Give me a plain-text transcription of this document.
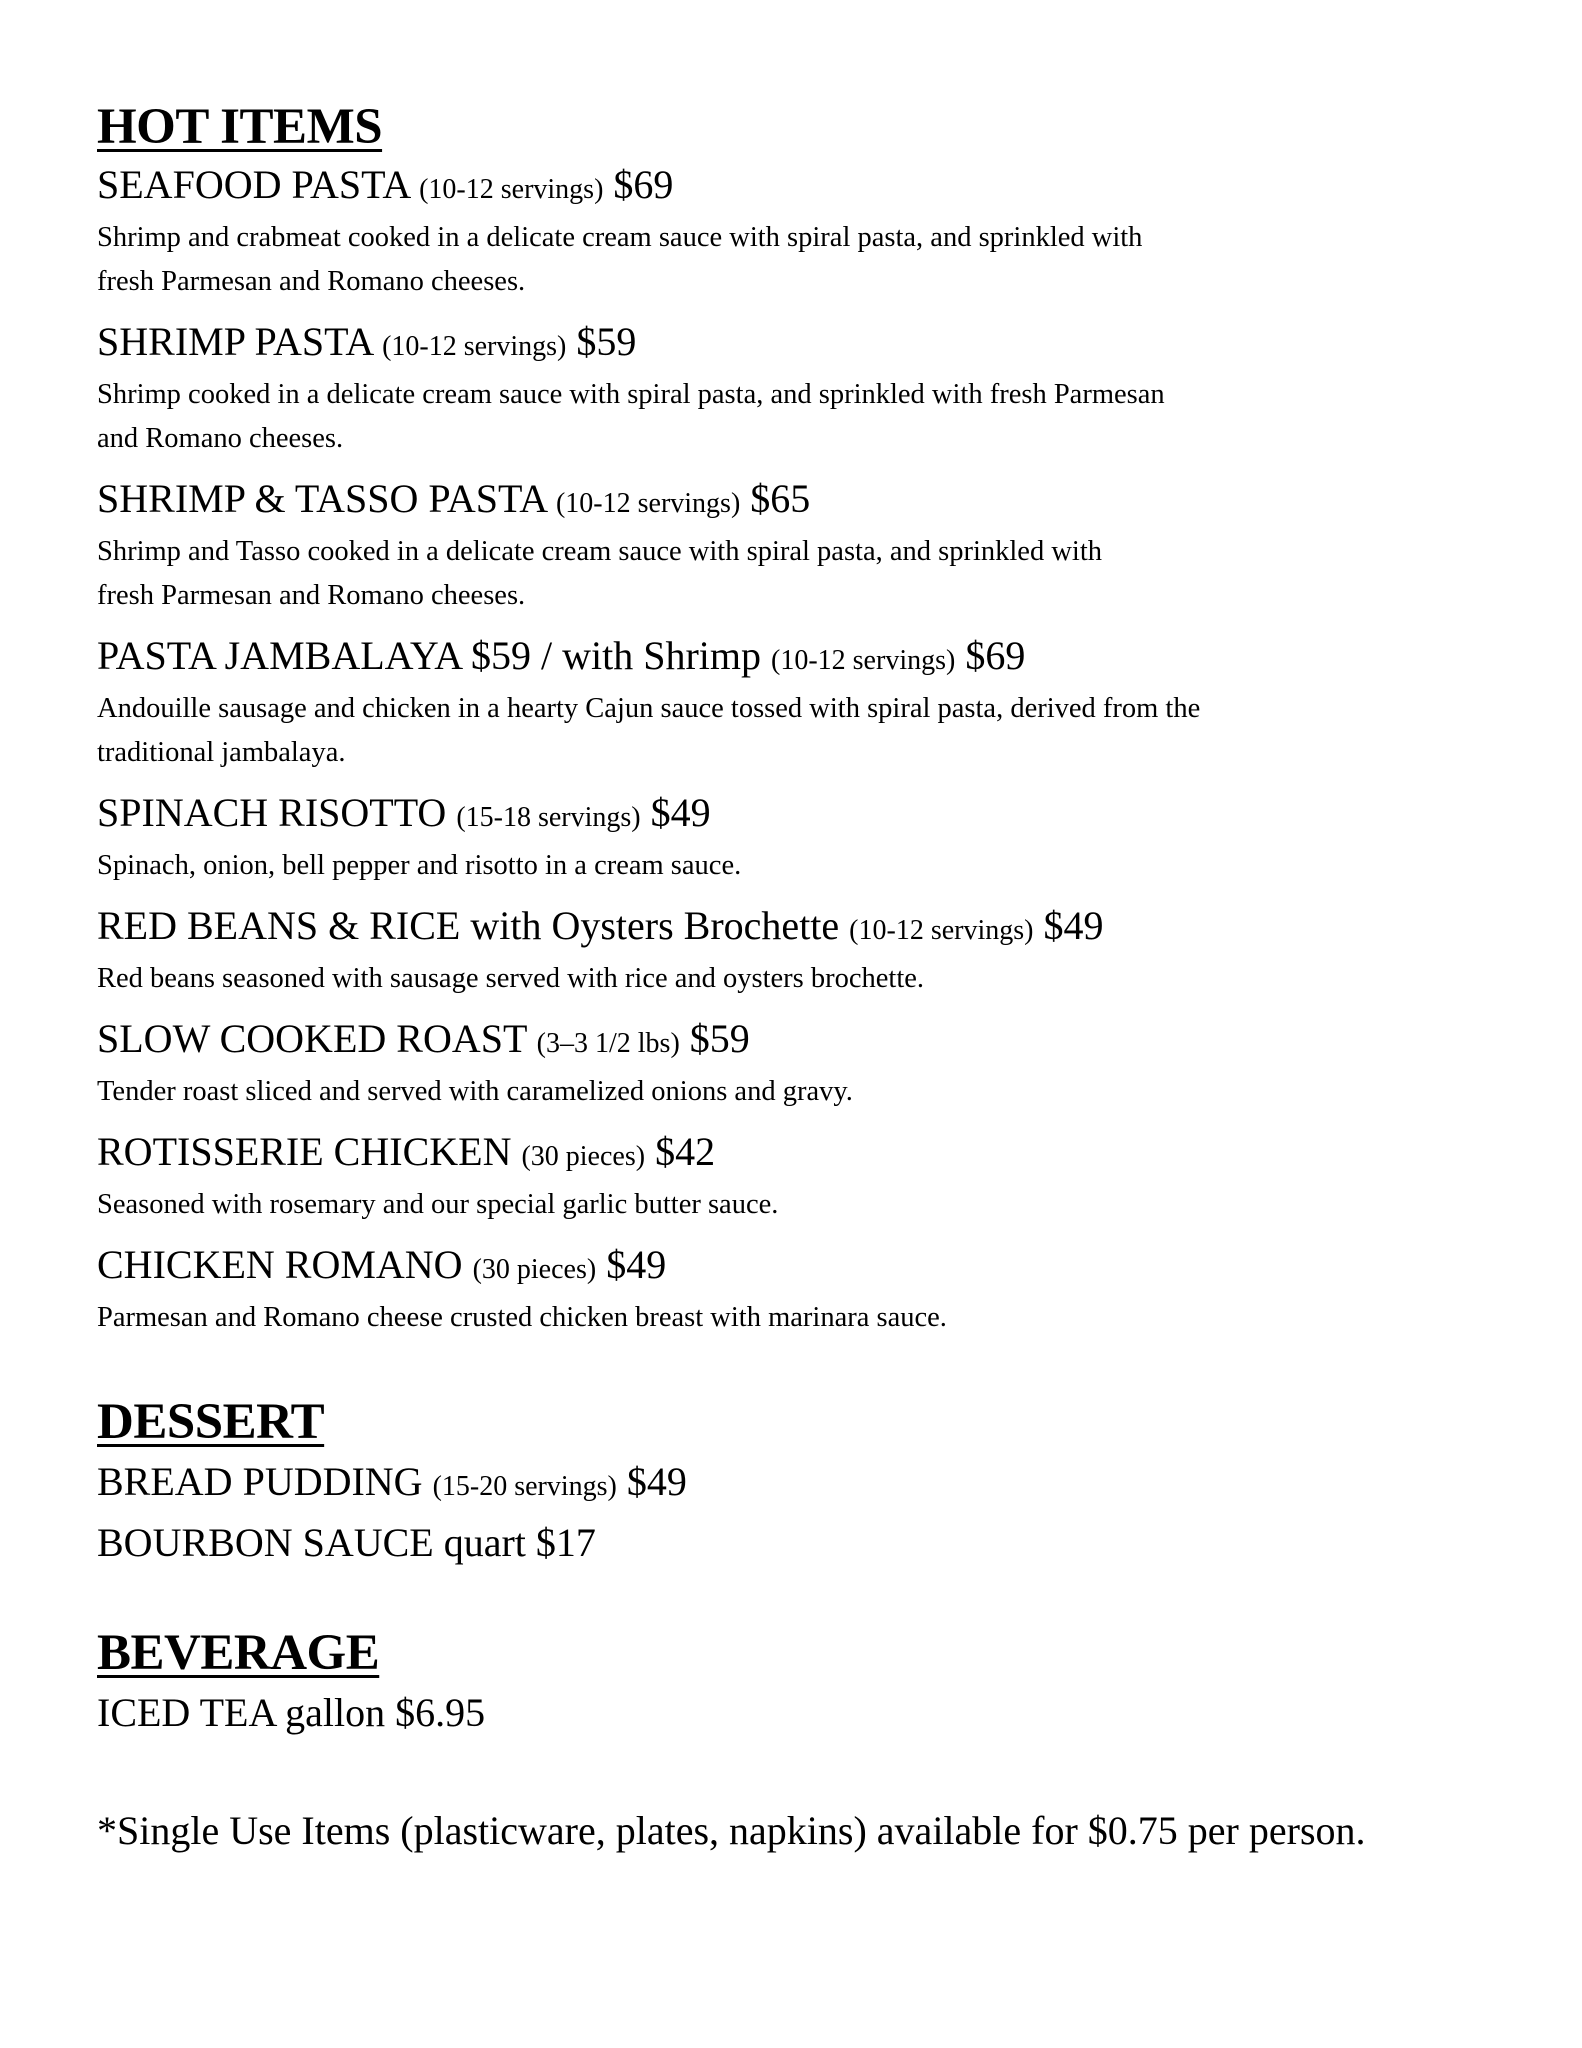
HOT ITEMS

SEAFOOD PASTA (10-12 servings) $69

Shrimp and crabmeat cooked in a delicate cream sauce with spiral pasta, and sprinkled with
fresh Parmesan and Romano cheeses.

SHRIMP PASTA (10-12 servings) $59

Shrimp cooked in a delicate cream sauce with spiral pasta, and sprinkled with fresh Parmesan
and Romano cheeses.

SHRIMP & TASSO PASTA (10-12 servings) $65

Shrimp and Tasso cooked in a delicate cream sauce with spiral pasta, and sprinkled with
fresh Parmesan and Romano cheeses.

PASTA JAMBALAYA $59 / with Shrimp (10-12 servings) $69

Andouille sausage and chicken in a hearty Cajun sauce tossed with spiral pasta, derived from the
traditional jambalaya.

SPINACH RISOTTO (15-18 servings) $49

Spinach, onion, bell pepper and risotto in a cream sauce.

RED BEANS & RICE with Oysters Brochette (10-12 servings) $49

Red beans seasoned with sausage served with rice and oysters brochette.

SLOW COOKED ROAST (3–3 1/2 lbs) $59

Tender roast sliced and served with caramelized onions and gravy.

ROTISSERIE CHICKEN (30 pieces) $42

Seasoned with rosemary and our special garlic butter sauce.

CHICKEN ROMANO (30 pieces) $49

Parmesan and Romano cheese crusted chicken breast with marinara sauce.

DESSERT

BREAD PUDDING (15-20 servings) $49

BOURBON SAUCE quart $17

BEVERAGE

ICED TEA gallon $6.95

*Single Use Items (plasticware, plates, napkins) available for $0.75 per person.
